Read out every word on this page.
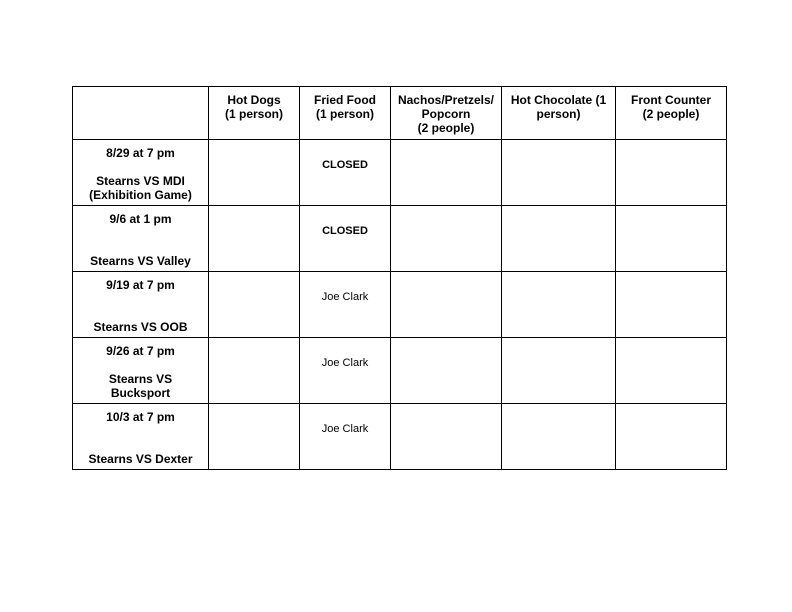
	Hot Dogs
(1 person)	Fried Food
(1 person)	Nachos/Pretzels/
Popcorn
(2 people)	Hot Chocolate (1
person)	Front Counter
(2 people)
8/29 at 7 pm

Stearns VS MDI
(Exhibition Game)		CLOSED			
9/6 at 1 pm

Stearns VS Valley		CLOSED			
9/19 at 7 pm

Stearns VS OOB		Joe Clark			
9/26 at 7 pm

Stearns VS
Bucksport		Joe Clark			
10/3 at 7 pm

Stearns VS Dexter		Joe Clark			
